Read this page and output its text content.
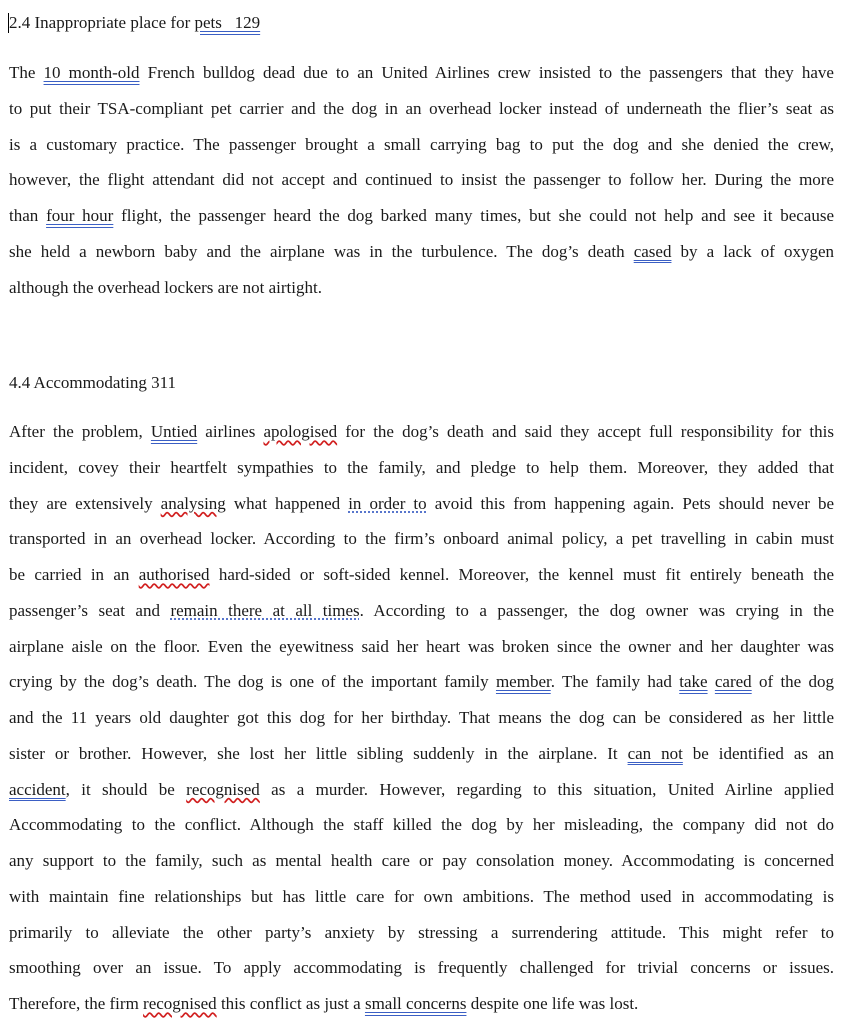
2.4 Inappropriate place for pets   129
The 10 month-old French bulldog dead due to an United Airlines crew insisted to the passengers that they have
to put their TSA-compliant pet carrier and the dog in an overhead locker instead of underneath the flier’s seat as
is a customary practice. The passenger brought a small carrying bag to put the dog and she denied the crew,
however, the flight attendant did not accept and continued to insist the passenger to follow her. During the more
than four hour flight, the passenger heard the dog barked many times, but she could not help and see it because
she held a newborn baby and the airplane was in the turbulence. The dog’s death cased by a lack of oxygen
although the overhead lockers are not airtight.
4.4 Accommodating 311
After the problem, Untied airlines apologised for the dog’s death and said they accept full responsibility for this
incident, covey their heartfelt sympathies to the family, and pledge to help them. Moreover, they added that
they are extensively analysing what happened in order to avoid this from happening again. Pets should never be
transported in an overhead locker. According to the firm’s onboard animal policy, a pet travelling in cabin must
be carried in an authorised hard-sided or soft-sided kennel. Moreover, the kennel must fit entirely beneath the
passenger’s seat and remain there at all times. According to a passenger, the dog owner was crying in the
airplane aisle on the floor. Even the eyewitness said her heart was broken since the owner and her daughter was
crying by the dog’s death. The dog is one of the important family member. The family had take cared of the dog
and the 11 years old daughter got this dog for her birthday. That means the dog can be considered as her little
sister or brother. However, she lost her little sibling suddenly in the airplane. It can not be identified as an
accident, it should be recognised as a murder. However, regarding to this situation, United Airline applied
Accommodating to the conflict. Although the staff killed the dog by her misleading, the company did not do
any support to the family, such as mental health care or pay consolation money. Accommodating is concerned
with maintain fine relationships but has little care for own ambitions. The method used in accommodating is
primarily to alleviate the other party’s anxiety by stressing a surrendering attitude. This might refer to
smoothing over an issue. To apply accommodating is frequently challenged for trivial concerns or issues.
Therefore, the firm recognised this conflict as just a small concerns despite one life was lost.
